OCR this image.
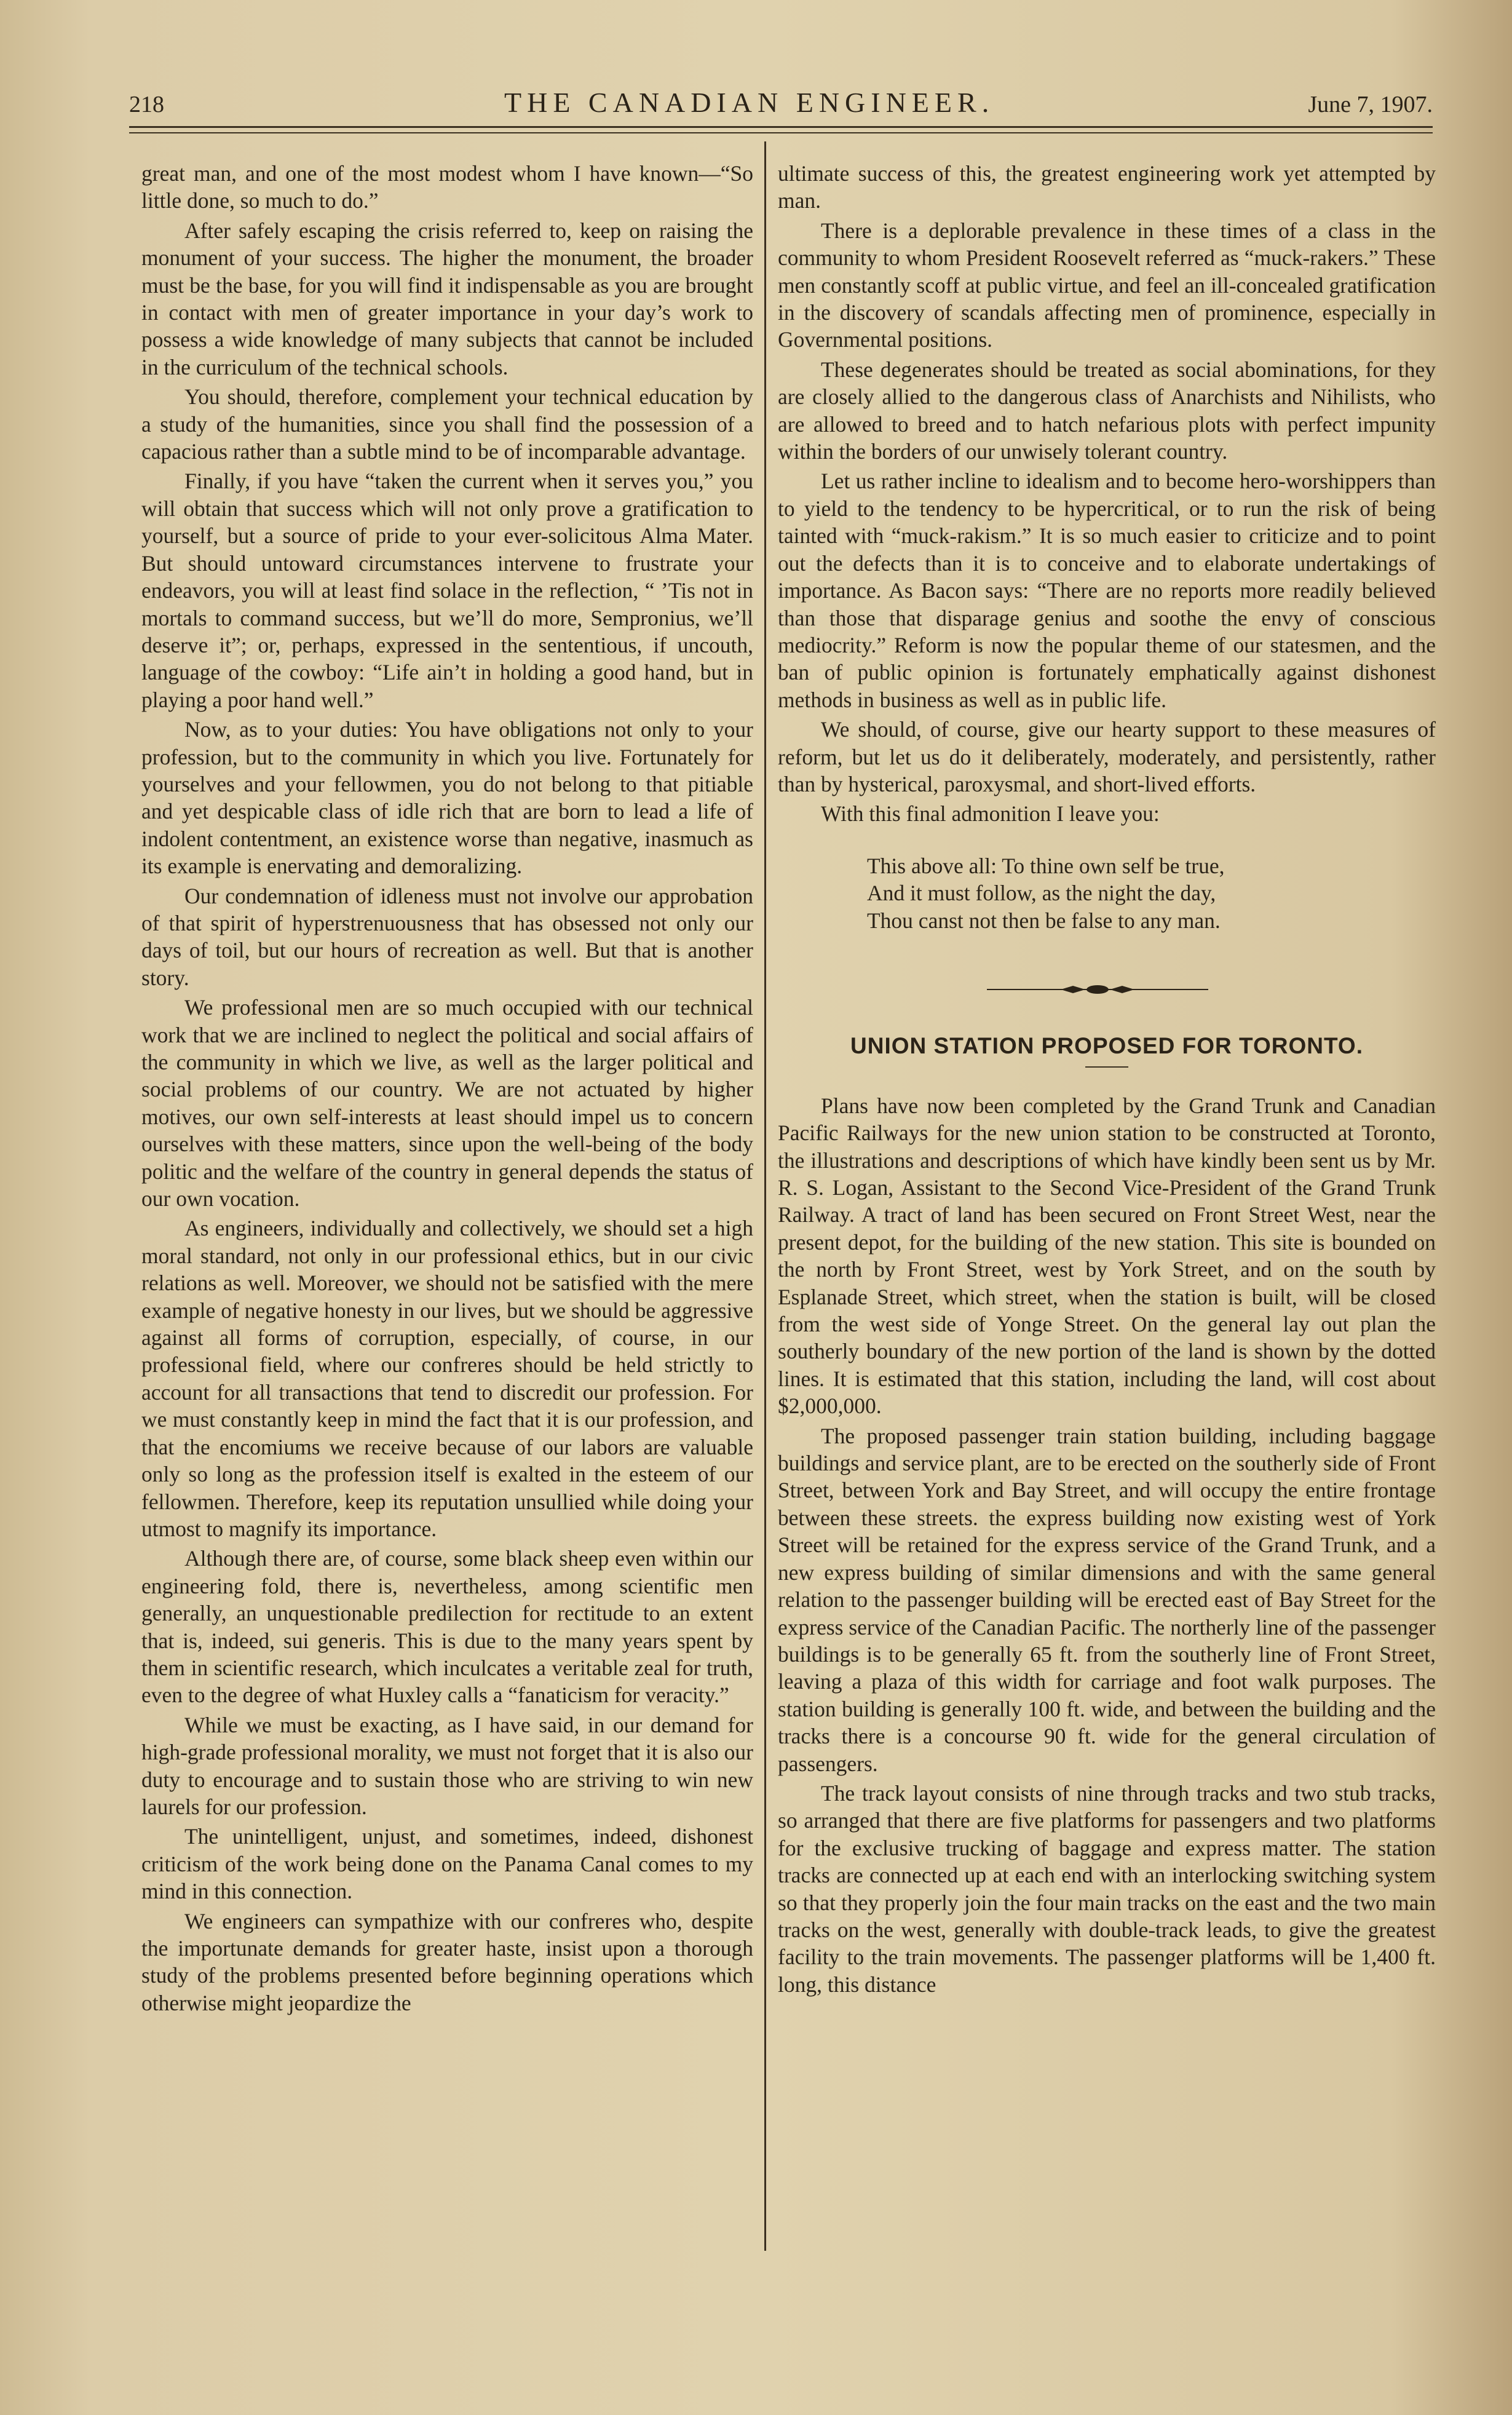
218	THE CANADIAN ENGINEER.	June 7, 1907.

great man, and one of the most modest whom I have known—“So little done, so much to do.”

After safely escaping the crisis referred to, keep on raising the monument of your success. The higher the monument, the broader must be the base, for you will find it indispensable as you are brought in contact with men of greater importance in your day’s work to possess a wide knowledge of many subjects that cannot be included in the curriculum of the technical schools.

You should, therefore, complement your technical education by a study of the humanities, since you shall find the possession of a capacious rather than a subtle mind to be of incomparable advantage.

Finally, if you have “taken the current when it serves you,” you will obtain that success which will not only prove a gratification to yourself, but a source of pride to your ever-solicitous Alma Mater. But should untoward circumstances intervene to frustrate your endeavors, you will at least find solace in the reflection, “ ’Tis not in mortals to command success, but we’ll do more, Sempronius, we’ll deserve it”; or, perhaps, expressed in the sententious, if uncouth, language of the cowboy: “Life ain’t in holding a good hand, but in playing a poor hand well.”

Now, as to your duties: You have obligations not only to your profession, but to the community in which you live. Fortunately for yourselves and your fellowmen, you do not belong to that pitiable and yet despicable class of idle rich that are born to lead a life of indolent contentment, an existence worse than negative, inasmuch as its example is enervating and demoralizing.

Our condemnation of idleness must not involve our approbation of that spirit of hyperstrenuousness that has obsessed not only our days of toil, but our hours of recreation as well. But that is another story.

We professional men are so much occupied with our technical work that we are inclined to neglect the political and social affairs of the community in which we live, as well as the larger political and social problems of our country. We are not actuated by higher motives, our own self-interests at least should impel us to concern ourselves with these matters, since upon the well-being of the body politic and the welfare of the country in general depends the status of our own vocation.

As engineers, individually and collectively, we should set a high moral standard, not only in our professional ethics, but in our civic relations as well. Moreover, we should not be satisfied with the mere example of negative honesty in our lives, but we should be aggressive against all forms of corruption, especially, of course, in our professional field, where our confreres should be held strictly to account for all transactions that tend to discredit our profession. For we must constantly keep in mind the fact that it is our profession, and that the encomiums we receive because of our labors are valuable only so long as the profession itself is exalted in the esteem of our fellowmen. Therefore, keep its reputation unsullied while doing your utmost to magnify its importance.

Although there are, of course, some black sheep even within our engineering fold, there is, nevertheless, among scientific men generally, an unquestionable predilection for rectitude to an extent that is, indeed, sui generis. This is due to the many years spent by them in scientific research, which inculcates a veritable zeal for truth, even to the degree of what Huxley calls a “fanaticism for veracity.”

While we must be exacting, as I have said, in our demand for high-grade professional morality, we must not forget that it is also our duty to encourage and to sustain those who are striving to win new laurels for our profession.

The unintelligent, unjust, and sometimes, indeed, dishonest criticism of the work being done on the Panama Canal comes to my mind in this connection.

We engineers can sympathize with our confreres who, despite the importunate demands for greater haste, insist upon a thorough study of the problems presented before beginning operations which otherwise might jeopardize the

ultimate success of this, the greatest engineering work yet attempted by man.

There is a deplorable prevalence in these times of a class in the community to whom President Roosevelt referred as “muck-rakers.” These men constantly scoff at public virtue, and feel an ill-concealed gratification in the discovery of scandals affecting men of prominence, especially in Governmental positions.

These degenerates should be treated as social abominations, for they are closely allied to the dangerous class of Anarchists and Nihilists, who are allowed to breed and to hatch nefarious plots with perfect impunity within the borders of our unwisely tolerant country.

Let us rather incline to idealism and to become hero-worshippers than to yield to the tendency to be hypercritical, or to run the risk of being tainted with “muck-rakism.” It is so much easier to criticize and to point out the defects than it is to conceive and to elaborate undertakings of importance. As Bacon says: “There are no reports more readily believed than those that disparage genius and soothe the envy of conscious mediocrity.” Reform is now the popular theme of our statesmen, and the ban of public opinion is fortunately emphatically against dishonest methods in business as well as in public life.

We should, of course, give our hearty support to these measures of reform, but let us do it deliberately, moderately, and persistently, rather than by hysterical, paroxysmal, and short-lived efforts.

With this final admonition I leave you:

This above all: To thine own self be true,
And it must follow, as the night the day,
Thou canst not then be false to any man.
UNION STATION PROPOSED FOR TORONTO.

Plans have now been completed by the Grand Trunk and Canadian Pacific Railways for the new union station to be constructed at Toronto, the illustrations and descriptions of which have kindly been sent us by Mr. R. S. Logan, Assistant to the Second Vice-President of the Grand Trunk Railway. A tract of land has been secured on Front Street West, near the present depot, for the building of the new station. This site is bounded on the north by Front Street, west by York Street, and on the south by Esplanade Street, which street, when the station is built, will be closed from the west side of Yonge Street. On the general lay out plan the southerly boundary of the new portion of the land is shown by the dotted lines. It is estimated that this station, including the land, will cost about $2,000,000.

The proposed passenger train station building, including baggage buildings and service plant, are to be erected on the southerly side of Front Street, between York and Bay Street, and will occupy the entire frontage between these streets. the express building now existing west of York Street will be retained for the express service of the Grand Trunk, and a new express building of similar dimensions and with the same general relation to the passenger building will be erected east of Bay Street for the express service of the Canadian Pacific. The northerly line of the passenger buildings is to be generally 65 ft. from the southerly line of Front Street, leaving a plaza of this width for carriage and foot walk purposes. The station building is generally 100 ft. wide, and between the building and the tracks there is a concourse 90 ft. wide for the general circulation of passengers.

The track layout consists of nine through tracks and two stub tracks, so arranged that there are five platforms for passengers and two platforms for the exclusive trucking of baggage and express matter. The station tracks are connected up at each end with an interlocking switching system so that they properly join the four main tracks on the east and the two main tracks on the west, generally with double-track leads, to give the greatest facility to the train movements. The passenger platforms will be 1,400 ft. long, this distance
